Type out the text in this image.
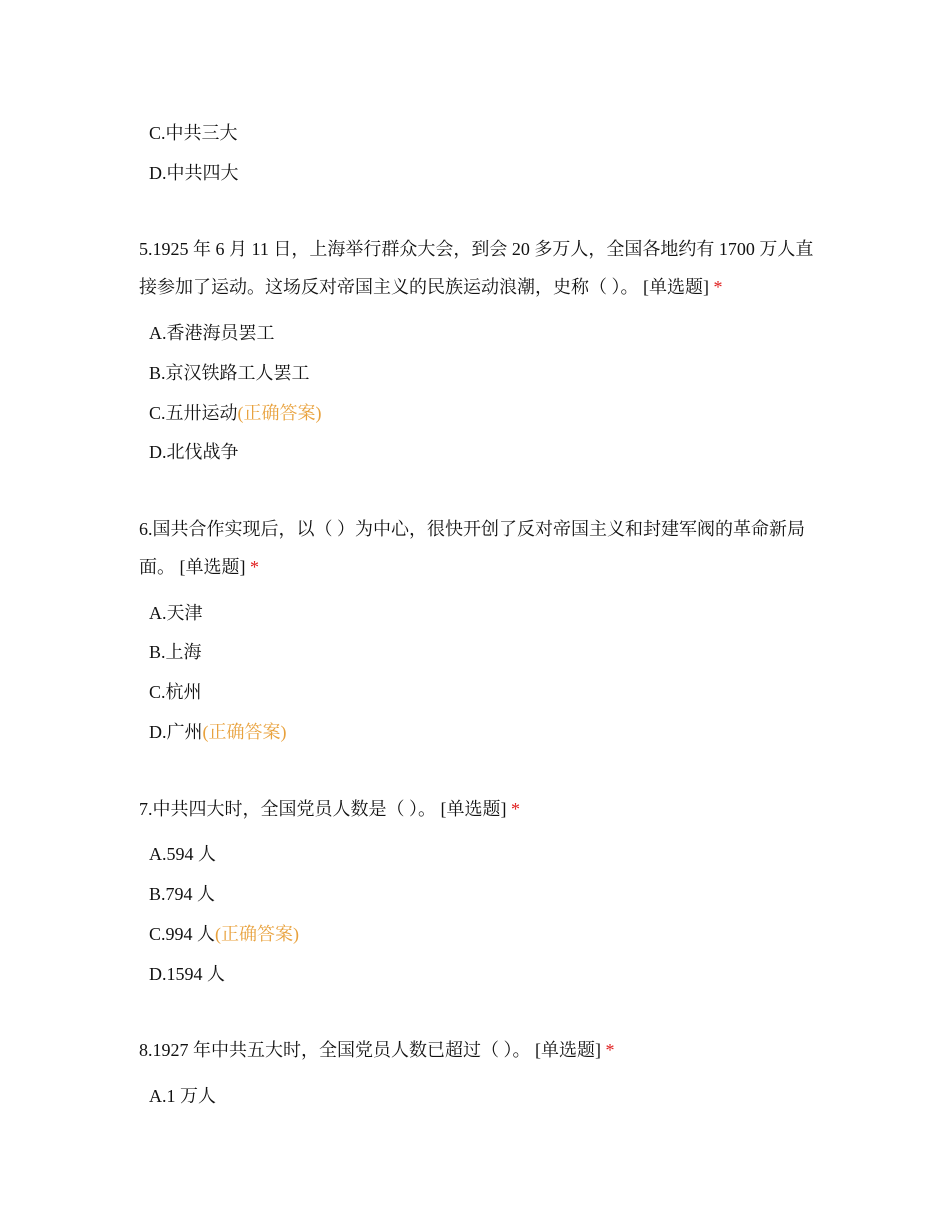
C.中共三大
D.中共四大
5.1925 年 6 月 11 日，上海举行群众大会，到会 20 多万人，全国各地约有 1700 万人直接参加了运动。这场反对帝国主义的民族运动浪潮，史称（ ）。 [单选题] *
A.香港海员罢工
B.京汉铁路工人罢工
C.五卅运动(正确答案)
D.北伐战争
6.国共合作实现后，以（ ）为中心，很快开创了反对帝国主义和封建军阀的革命新局面。 [单选题] *
A.天津
B.上海
C.杭州
D.广州(正确答案)
7.中共四大时，全国党员人数是（ ）。 [单选题] *
A.594 人
B.794 人
C.994 人(正确答案)
D.1594 人
8.1927 年中共五大时，全国党员人数已超过（ ）。 [单选题] *
A.1 万人
